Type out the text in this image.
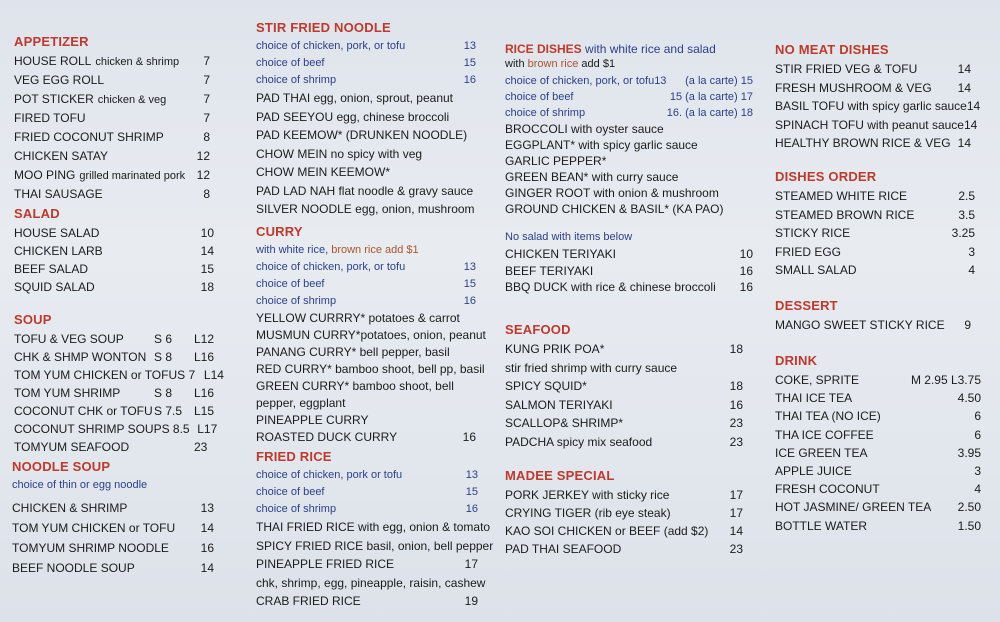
APPETIZER
HOUSE ROLL chicken & shrimp	7
VEG EGG ROLL	7
POT STICKER chicken & veg	7
FIRED TOFU	7
FRIED COCONUT SHRIMP	8
CHICKEN SATAY	12
MOO PING grilled marinated pork 12
THAI SAUSAGE	8
SALAD
HOUSE SALAD	10
CHICKEN LARB	14
BEEF SALAD	15
SQUID SALAD	18
SOUP
TOFU & VEG SOUP	S 6	L12
CHK & SHMP WONTON S 8	L16
TOM YUM CHICKEN or TOFU S 7 L14
TOM YUM SHRIMP	S 8	L16
COCONUT CHK or TOFU S 7.5 L15
COCONUT SHRIMP SOUP S 8.5 L17
TOMYUM SEAFOOD	23
NOODLE SOUP
choice of thin or egg noodle
CHICKEN & SHRIMP	13
TOM YUM CHICKEN or TOFU	14
TOMYUM SHRIMP NOODLE	16
BEEF NOODLE SOUP	14
STIR FRIED NOODLE
choice of chicken, pork, or tofu	13
choice of beef	15
choice of shrimp	16
PAD THAI egg, onion, sprout, peanut
PAD SEEYOU egg, chinese broccoli
PAD KEEMOW* (DRUNKEN NOODLE)
CHOW MEIN no spicy with veg
CHOW MEIN KEEMOW*
PAD LAD NAH flat noodle & gravy sauce
SILVER NOODLE egg, onion, mushroom
CURRY
with white rice, brown rice add $1
choice of chicken, pork, or tofu	13
choice of beef	15
choice of shrimp	16
YELLOW CURRRY* potatoes & carrot
MUSMUN CURRY*potatoes, onion, peanut
PANANG CURRY* bell pepper, basil
RED CURRY* bamboo shoot, bell pp, basil
GREEN CURRY* bamboo shoot, bell
pepper, eggplant
PINEAPPLE CURRY
ROASTED DUCK CURRY	16
FRIED RICE
choice of chicken, pork or tofu	13
choice of beef	15
choice of shrimp	16
THAI FRIED RICE with egg, onion & tomato
SPICY FRIED RICE basil, onion, bell pepper
PINEAPPLE FRIED RICE	17
chk, shrimp, egg, pineapple, raisin, cashew
CRAB FRIED RICE	19
RICE DISHES with white rice and salad
with brown rice add $1
choice of chicken, pork, or tofu13	(a la carte) 15
choice of beef	15 (a la carte) 17
choice of shrimp	16. (a la carte) 18
BROCCOLI with oyster sauce
EGGPLANT* with spicy garlic sauce
GARLIC PEPPER*
GREEN BEAN* with curry sauce
GINGER ROOT with onion & mushroom
GROUND CHICKEN & BASIL* (KA PAO)
No salad with items below
CHICKEN TERIYAKI	10
BEEF TERIYAKI	16
BBQ DUCK with rice & chinese broccoli	16
SEAFOOD
KUNG PRIK POA*	18
stir fried shrimp with curry sauce
SPICY SQUID*	18
SALMON TERIYAKI	16
SCALLOP& SHRIMP*	23
PADCHA spicy mix seafood	23
MADEE SPECIAL
PORK JERKEY with sticky rice	17
CRYING TIGER (rib eye steak)	17
KAO SOI CHICKEN or BEEF (add $2)	14
PAD THAI SEAFOOD	23
NO MEAT DISHES
STIR FRIED VEG & TOFU	14
FRESH MUSHROOM & VEG	14
BASIL TOFU with spicy garlic sauce 14
SPINACH TOFU with peanut sauce 14
HEALTHY BROWN RICE & VEG 14
DISHES ORDER
STEAMED WHITE RICE	2.5
STEAMED BROWN RICE	3.5
STICKY RICE	3.25
FRIED EGG	3
SMALL SALAD	4
DESSERT
MANGO SWEET STICKY RICE	9
DRINK
COKE, SPRITE	M 2.95 L3.75
THAI ICE TEA	4.50
THAI TEA (NO ICE)	6
THA ICE COFFEE	6
ICE GREEN TEA	3.95
APPLE JUICE	3
FRESH COCONUT	4
HOT JASMINE/ GREEN TEA	2.50
BOTTLE WATER	1.50
